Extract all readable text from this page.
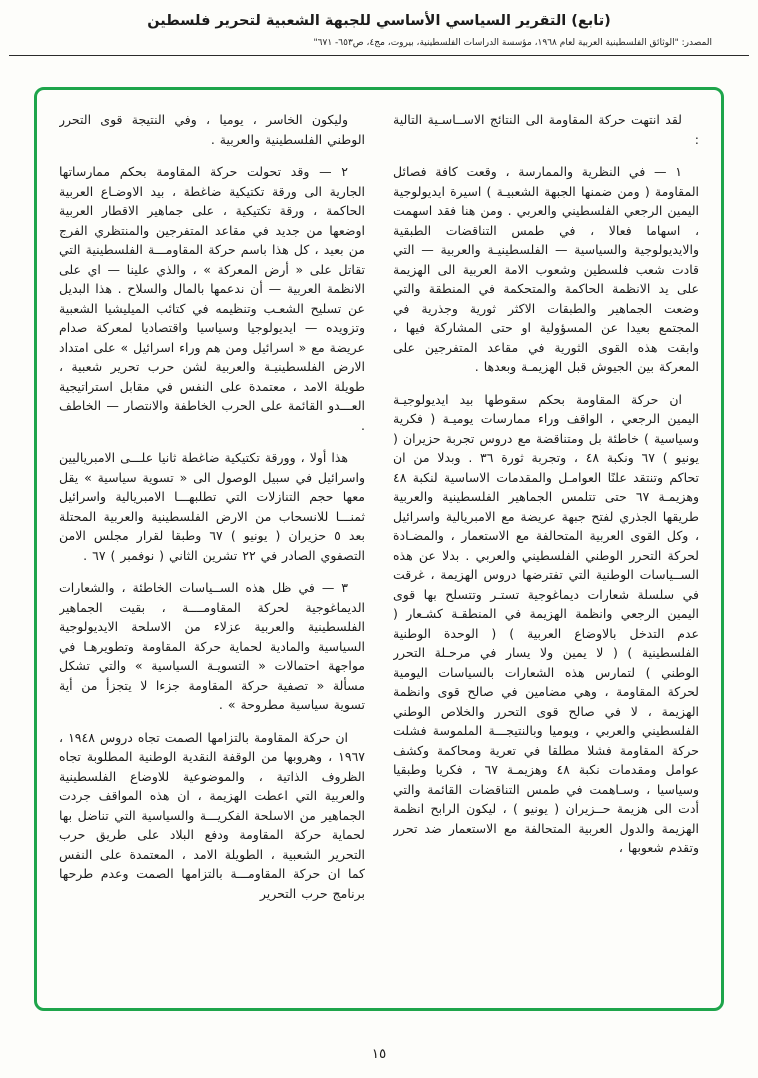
(تابع) التقرير السياسي الأساسي للجبهة الشعبية لتحرير فلسطين
المصدر: "الوثائق الفلسطينية العربية لعام ١٩٦٨، مؤسسة الدراسات الفلسطينية، بيروت، مج٤، ص٦٥٣- ٦٧١"

لقد انتهت حركة المقاومة الى النتائج الاســاسـية التالية :

١ — في النظرية والممارسة ، وقعت كافة فصائل المقاومة ( ومن ضمنها الجبهة الشعبيـة ) اسيرة ايديولوجية اليمين الرجعي الفلسطيني والعربي . ومن هنا فقد اسهمت ، اسهاما فعالا ، في طمس التناقضات الطبقية والايديولوجية والسياسية — الفلسطينيـة والعربية — التي قادت شعب فلسطين وشعوب الامة العربية الى الهزيمة على يد الانظمة الحاكمة والمتحكمة في المنطقة والتي وضعت الجماهير والطبقات الاكثر ثورية وجذرية في المجتمع بعيدا عن المسؤولية او حتى المشاركة فيها ، وابقت هذه القوى الثورية في مقاعد المتفرجين على المعركة بين الجيوش قبل الهزيمـة وبعدها .

ان حركة المقاومة بحكم سقوطها بيد ايديولوجيـة اليمين الرجعي ، الواقف وراء ممارسات يوميـة ( فكرية وسياسية ) خاطئة بل ومتناقضة مع دروس تجربة حزيران ( يونيو ) ٦٧ ونكبة ٤٨ ، وتجربة ثورة ٣٦ . وبدلا من ان تحاكم وتنتقد علنًا العوامـل والمقدمات الاساسية لنكبة ٤٨ وهزيمـة ٦٧ حتى تتلمس الجماهير الفلسطينية والعربية طريقها الجذري لفتح جبهة عريضة مع الامبريالية واسرائيل ، وكل القوى العربية المتحالفة مع الاستعمار ، والمضـادة لحركة التحرر الوطني الفلسطيني والعربي . بدلا عن هذه الســياسات الوطنية التي تفترضها دروس الهزيمة ، غرقت في سلسلة شعارات ديماغوجية تستـر وتتسلح بها قوى اليمين الرجعي وانظمة الهزيمة في المنطقـة كشـعار ( عدم التدخل بالاوضاع العربية ) ( الوحدة الوطنية الفلسطينية ) ( لا يمين ولا يسار في مرحـلة التحرر الوطني ) لتمارس هذه الشعارات بالسياسات اليومية لحركة المقاومة ، وهي مضامين في صالح قوى وانظمة الهزيمة ، لا في صالح قوى التحرر والخلاص الوطني الفلسطيني والعربي ، ويوميا وبالنتيجـــة الملموسة فشلت حركة المقاومة فشلا مطلقا في تعرية ومحاكمة وكشف عوامل ومقدمات نكبة ٤٨ وهزيمـة ٦٧ ، فكريا وطبقيا وسياسيا ، وسـاهمت في طمس التناقضات القائمة والتي أدت الى هزيمة حــزيران ( يونيو ) ، ليكون الرابح انظمة الهزيمة والدول العربية المتحالفة مع الاستعمار ضد تحرر وتقدم شعوبها ،

وليكون الخاسر ، يوميا ، وفي النتيجة قوى التحرر الوطني الفلسطينية والعربية .

٢ — وقد تحولت حركة المقاومة بحكم ممارساتها الجارية الى ورقة تكتيكية ضاغطة ، بيد الاوضـاع العربية الحاكمة ، ورقة تكتيكية ، على جماهير الاقطار العربية اوضعها من جديد في مقاعد المتفرجين والمنتظري الفرج من بعيد ، كل هذا باسم حركة المقاومـــة الفلسطينية التي تقاتل على « أرض المعركة » ، والذي علينا — اي على الانظمة العربية — أن ندعمها بالمال والسلاح . هذا البديل عن تسليح الشعـب وتنظيمه في كتائب الميليشيا الشعبية وتزويده — ايديولوجيا وسياسيا واقتصاديا لمعركة صدام عريضة مع « اسرائيل ومن هم وراء اسرائيل » على امتداد الارض الفلسطينيـة والعربية لشن حرب تحرير شعبية ، طويلة الامد ، معتمدة على النفس في مقابل استراتيجية العـــدو القائمة على الحرب الخاطفة والانتصار — الخاطف .

هذا أولا ، وورقة تكتيكية ضاغطة ثانيا علـــى الامبرياليين واسرائيل في سبيل الوصول الى « تسوية سياسية » يقل معها حجم التنازلات التي تطلبهـــا الامبريالية واسرائيل ثمنـــا للانسحاب من الارض الفلسطينية والعربية المحتلة بعد ٥ حزيران ( يونيو ) ٦٧ وطبقا لقرار مجلس الامن التصفوي الصادر في ٢٢ تشرين الثاني ( نوفمبر ) ٦٧ .

٣ — في ظل هذه الســياسات الخاطئة ، والشعارات الديماغوجية لحركة المقاومــــة ، بقيت الجماهير الفلسطينية والعربية عزلاء من الاسلحة الايديولوجية السياسية والمادية لحماية حركة المقاومة وتطويرهـا في مواجهة احتمالات « التسويـة السياسية » والتي تشكل مسألة « تصفية حركة المقاومة جزءا لا يتجزأ من أية تسوية سياسية مطروحة » .

ان حركة المقاومة بالتزامها الصمت تجاه دروس ١٩٤٨ ، ١٩٦٧ ، وهروبها من الوقفة النقدية الوطنية المطلوبة تجاه الظروف الذاتية ، والموضوعية للاوضاع الفلسطينية والعربية التي اعطت الهزيمة ، ان هذه المواقف جردت الجماهير من الاسلحة الفكريـــة والسياسية التي تناضل بها لحماية حركة المقاومة ودفع البلاد على طريق حرب التحرير الشعبية ، الطويلة الامد ، المعتمدة على النفس كما ان حركة المقاومـــة بالتزامها الصمت وعدم طرحها برنامج حرب التحرير

١٥
